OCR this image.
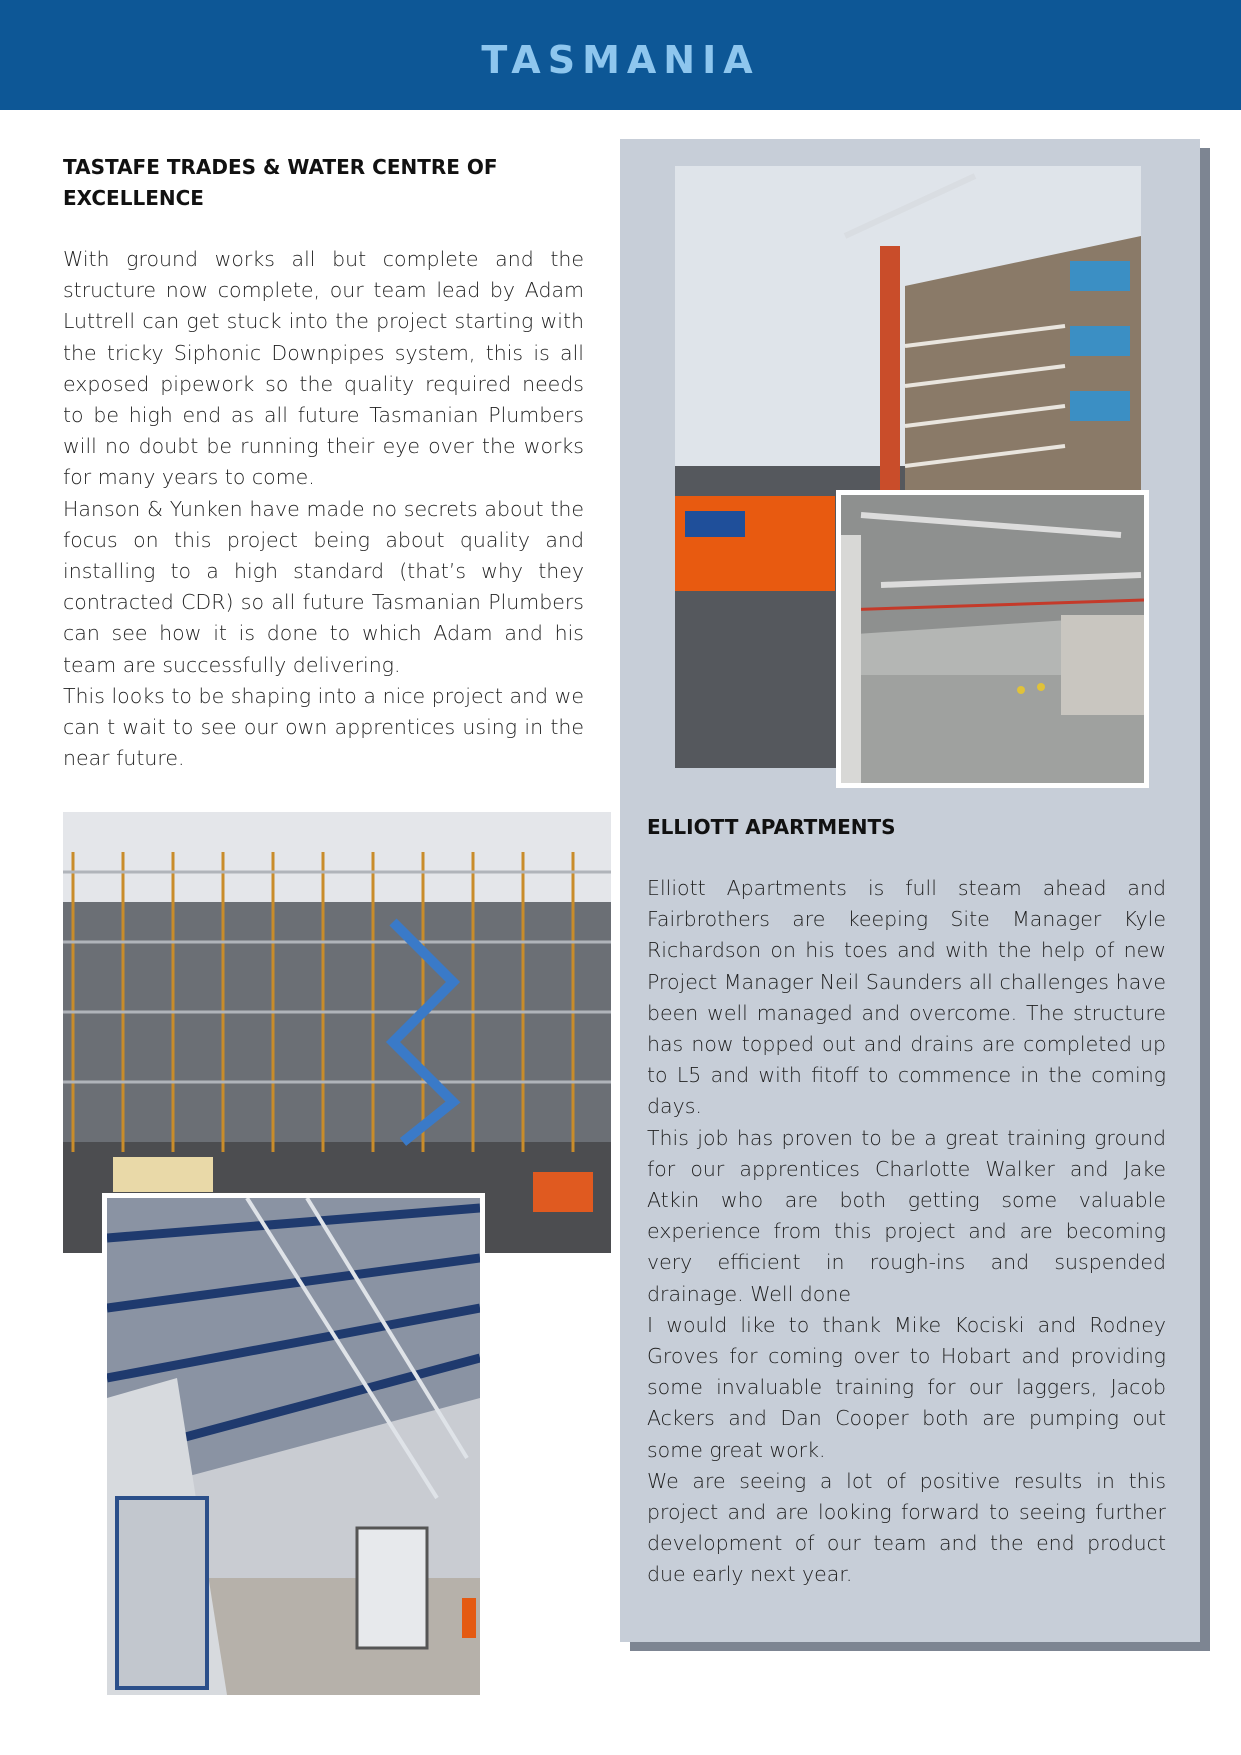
TASMANIA
TASTAFE TRADES & WATER CENTRE OF EXCELLENCE

With ground works all but complete and the structure now complete, our team lead by Adam Luttrell can get stuck into the project starting with the tricky Siphonic Downpipes system, this is all exposed pipework so the quality required needs to be high end as all future Tasmanian Plumbers will no doubt be running their eye over the works for many years to come.

Hanson & Yunken have made no secrets about the focus on this project being about quality and installing to a high standard (that’s why they contracted CDR) so all future Tasmanian Plumbers can see how it is done to which Adam and his team are successfully delivering.

This looks to be shaping into a nice project and we can t wait to see our own apprentices using in the near future.

ELLIOTT APARTMENTS

Elliott Apartments is full steam ahead and Fairbrothers are keeping Site Manager Kyle Richardson on his toes and with the help of new Project Manager Neil Saunders all challenges have been well managed and overcome. The structure has now topped out and drains are completed up to L5 and with fitoff to commence in the coming days.

This job has proven to be a great training ground for our apprentices Charlotte Walker and Jake Atkin who are both getting some valuable experience from this project and are becoming very efficient in rough-ins and suspended drainage. Well done

I would like to thank Mike Kociski and Rodney Groves for coming over to Hobart and providing some invaluable training for our laggers, Jacob Ackers and Dan Cooper both are pumping out some great work.

We are seeing a lot of positive results in this project and are looking forward to seeing further development of our team and the end product due early next year.
